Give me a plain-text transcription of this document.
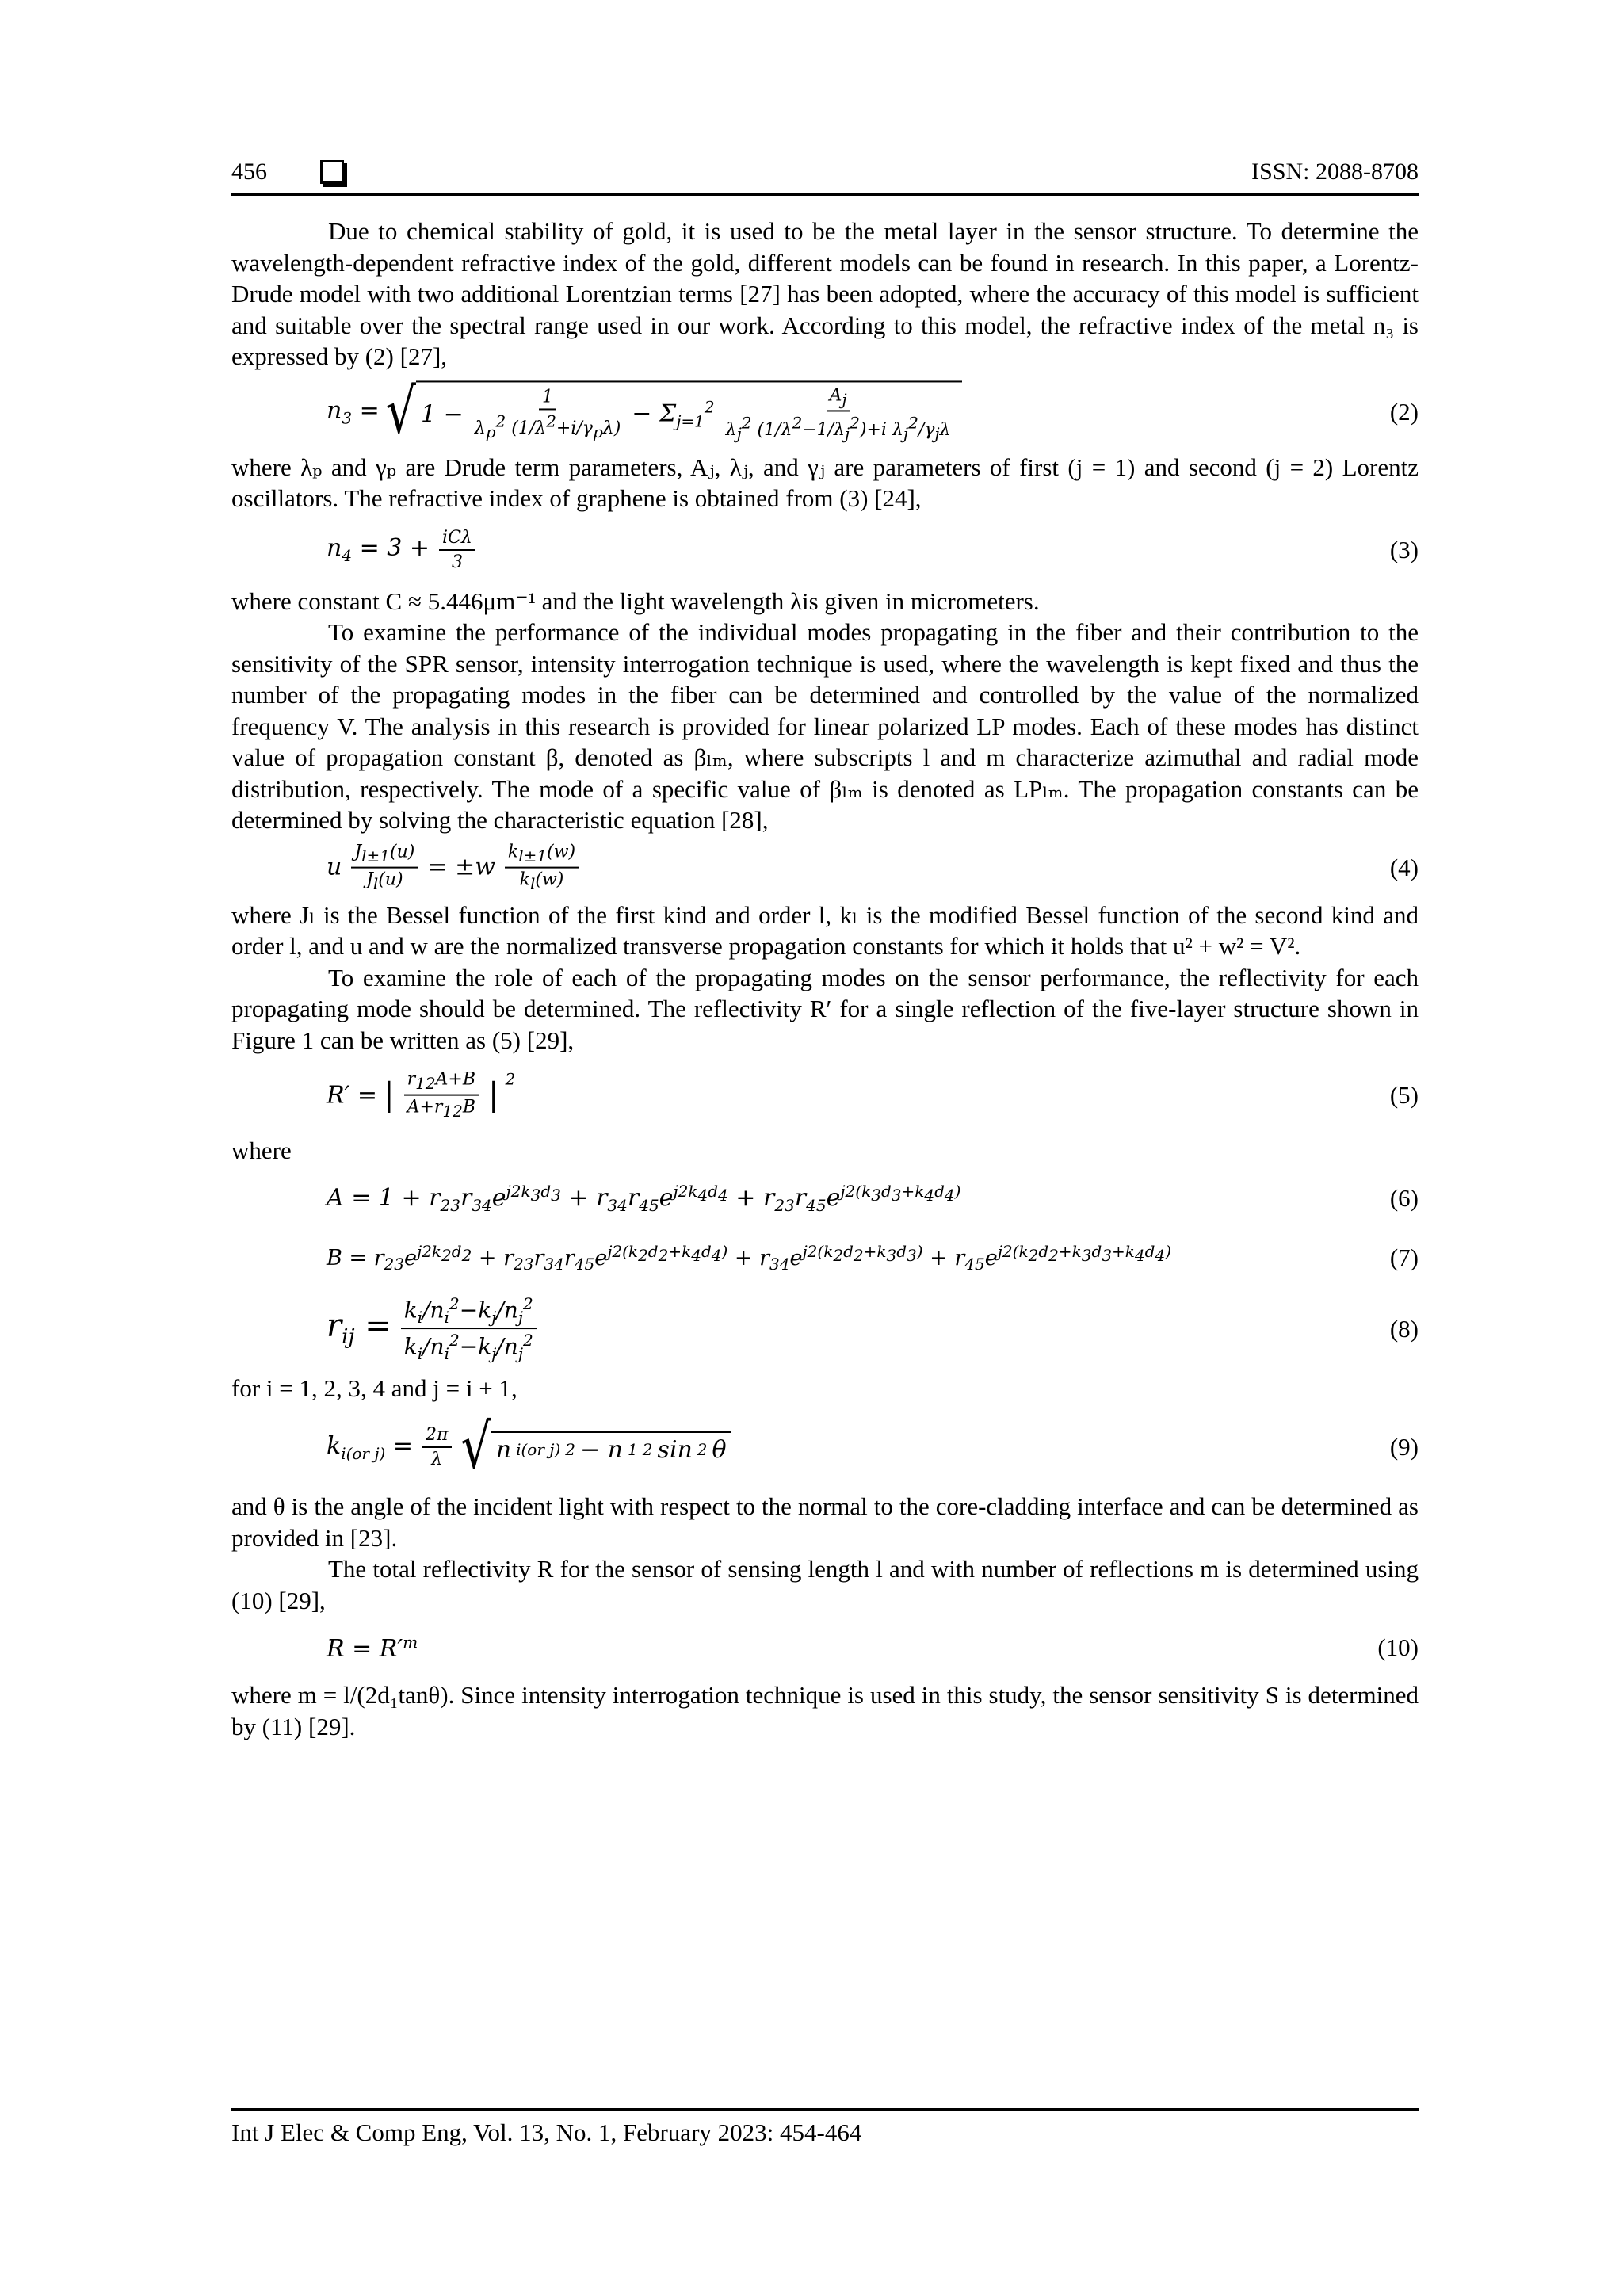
456	ISSN: 2088-8708

Due to chemical stability of gold, it is used to be the metal layer in the sensor structure. To determine the wavelength-dependent refractive index of the gold, different models can be found in research. In this paper, a Lorentz-Drude model with two additional Lorentzian terms [27] has been adopted, where the accuracy of this model is sufficient and suitable over the spectral range used in our work. According to this model, the refractive index of the metal n₃ is expressed by (2) [27],

$n_3$ = √ $1 - \frac{1}{\lambda_p^2 (1/\lambda^2+i/\gamma_p\lambda)} - \Sigma_{j=1}^2 \frac{A_j}{\lambda_j^2 (1/\lambda^2-1/\lambda_j^2)+i \lambda_j^2/\gamma_j\lambda}$	(2)

where λₚ and γₚ are Drude term parameters, Aⱼ, λⱼ, and γⱼ are parameters of first (j = 1) and second (j = 2) Lorentz oscillators. The refractive index of graphene is obtained from (3) [24],

$n_4 = 3 + \frac{\text{iCλ}}{3}$	(3)

where constant C ≈ 5.446μm⁻¹ and the light wavelength λis given in micrometers.

To examine the performance of the individual modes propagating in the fiber and their contribution to the sensitivity of the SPR sensor, intensity interrogation technique is used, where the wavelength is kept fixed and thus the number of the propagating modes in the fiber can be determined and controlled by the value of the normalized frequency V. The analysis in this research is provided for linear polarized LP modes. Each of these modes has distinct value of propagation constant β, denoted as βₗₘ, where subscripts l and m characterize azimuthal and radial mode distribution, respectively. The mode of a specific value of βₗₘ is denoted as LPₗₘ. The propagation constants can be determined by solving the characteristic equation [28],

u $\frac{J_{l\pm 1}(u)}{J_l(u)} = \pm w \frac{k_{l\pm 1}(w)}{k_l(w)}$	(4)

where Jₗ is the Bessel function of the first kind and order l, kₗ is the modified Bessel function of the second kind and order l, and u and w are the normalized transverse propagation constants for which it holds that u² + w² = V².

To examine the role of each of the propagating modes on the sensor performance, the reflectivity for each propagating mode should be determined. The reflectivity R′ for a single reflection of the five-layer structure shown in Figure 1 can be written as (5) [29],

R′ = | $\frac{r_{12}A+B}{A+r_{12}B}$ | $^2$
(5)

where

$A = 1 + r_{23}r_{34}e^{j2k_3d_3} + r_{34}r_{45}e^{j2k_4d_4} + r_{23}r_{45}e^{j2(k_3d_3+k_4d_4)}$	(6)
$B = r_{23}e^{j2k_2d_2} + r_{23}r_{34}r_{45}e^{j2(k_2d_2+k_4d_4)} + r_{34}e^{j2(k_2d_2+k_3d_3)} + r_{45}e^{j2(k_2d_2+k_3d_3+k_4d_4)}$	(7)
$r_{ij} = \frac{k_i/n_i^2-k_j/n_j^2}{k_i/n_i^2-k_j/n_j^2}$	(8)

for i = 1, 2, 3, 4 and j = i + 1,

$k_{i(or j)} = \frac{2\pi}{\lambda}$ √ n i(or j) 2 − n 1 2 sin 2 θ	(9)

and θ is the angle of the incident light with respect to the normal to the core-cladding interface and can be determined as provided in [23].

The total reflectivity R for the sensor of sensing length l and with number of reflections m is determined using (10) [29],

$R = R'^m$	(10)

where m = l/(2d₁tanθ). Since intensity interrogation technique is used in this study, the sensor sensitivity S is determined by (11) [29].

Int J Elec & Comp Eng, Vol. 13, No. 1, February 2023: 454-464
